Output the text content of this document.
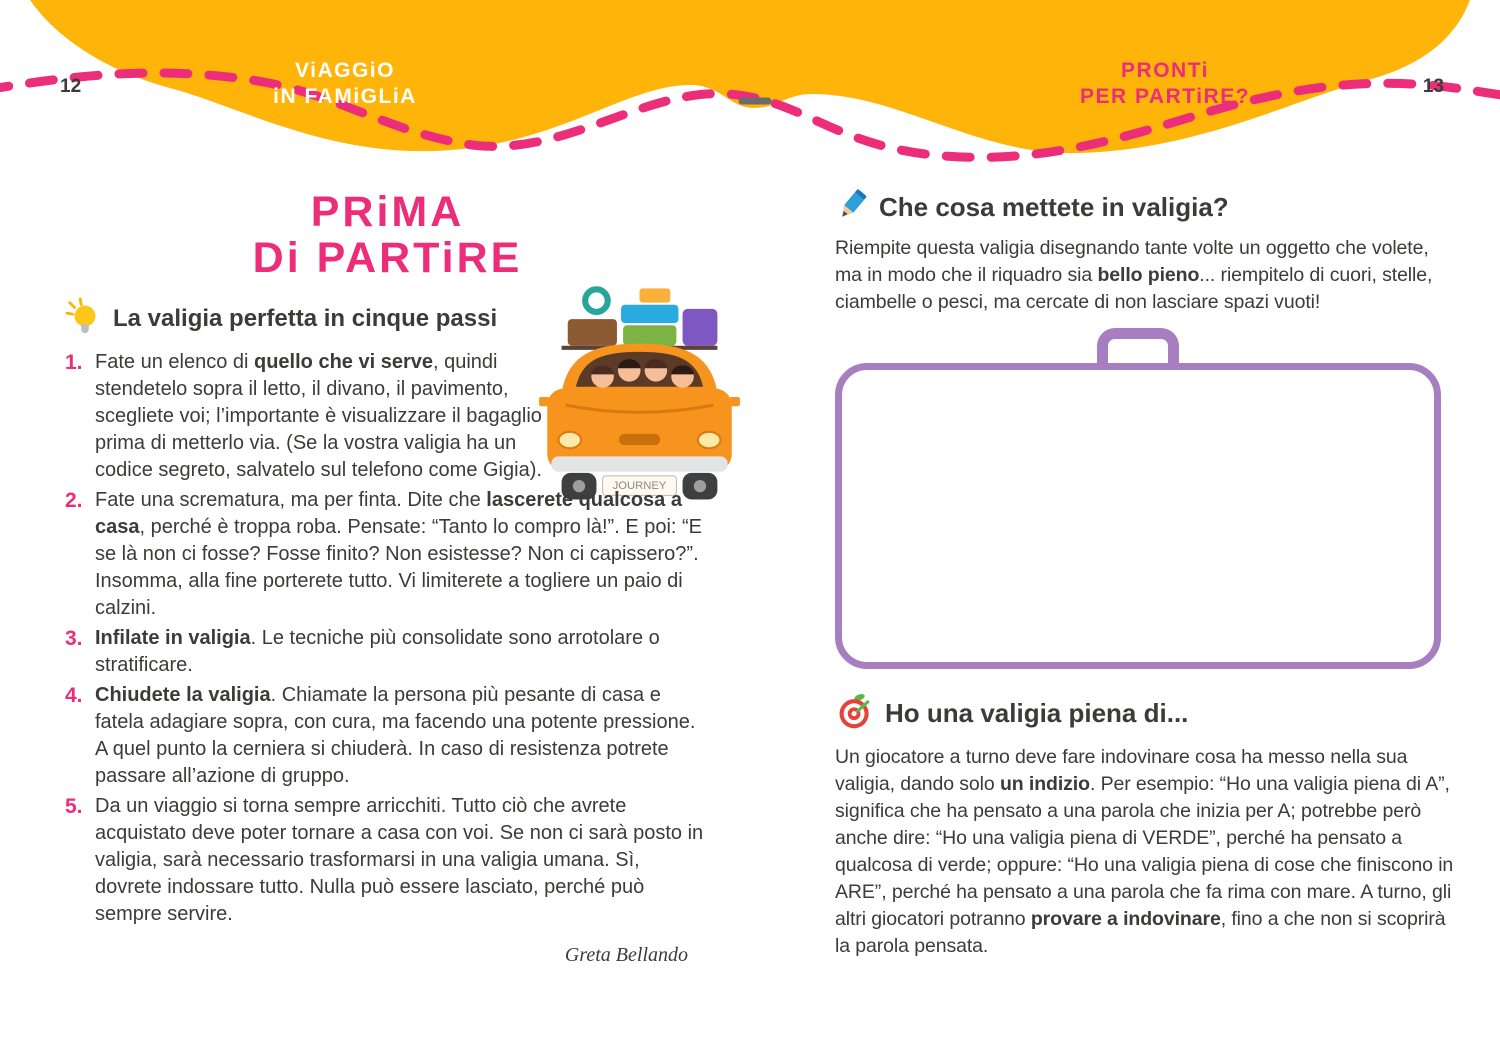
12	13
ViAGGiO
iN FAMiGLiA
PRONTi
PER PARTiRE?
PRiMA
Di PARTiRE
La valigia perfetta in cinque passi
JOURNEY
1. Fate un elenco di quello che vi serve, quindi stendetelo sopra il letto, il divano, il pavimento, scegliete voi; l’importante è visualizzare il bagaglio prima di metterlo via. (Se la vostra valigia ha un codice segreto, salvatelo sul telefono come Gigia).
2. Fate una scrematura, ma per finta. Dite che lascerete qualcosa a casa, perché è troppa roba. Pensate: “Tanto lo compro là!”. E poi: “E se là non ci fosse? Fosse finito? Non esistesse? Non ci capissero?”. Insomma, alla fine porterete tutto. Vi limiterete a togliere un paio di calzini.
3. Infilate in valigia. Le tecniche più consolidate sono arrotolare o stratificare.
4. Chiudete la valigia. Chiamate la persona più pesante di casa e fatela adagiare sopra, con cura, ma facendo una potente pressione. A quel punto la cerniera si chiuderà. In caso di resistenza potrete passare all’azione di gruppo.
5. Da un viaggio si torna sempre arricchiti. Tutto ciò che avrete acquistato deve poter tornare a casa con voi. Se non ci sarà posto in valigia, sarà necessario trasformarsi in una valigia umana. Sì, dovrete indossare tutto. Nulla può essere lasciato, perché può sempre servire.
Greta Bellando
Che cosa mettete in valigia?

Riempite questa valigia disegnando tante volte un oggetto che volete, ma in modo che il riquadro sia bello pieno... riempitelo di cuori, stelle, ciambelle o pesci, ma cercate di non lasciare spazi vuoti!

Ho una valigia piena di...

Un giocatore a turno deve fare indovinare cosa ha messo nella sua valigia, dando solo un indizio. Per esempio: “Ho una valigia piena di A”, significa che ha pensato a una parola che inizia per A; potrebbe però anche dire: “Ho una valigia piena di VERDE”, perché ha pensato a qualcosa di verde; oppure: “Ho una valigia piena di cose che finiscono in ARE”, perché ha pensato a una parola che fa rima con mare. A turno, gli altri giocatori potranno provare a indovinare, fino a che non si scoprirà la parola pensata.
